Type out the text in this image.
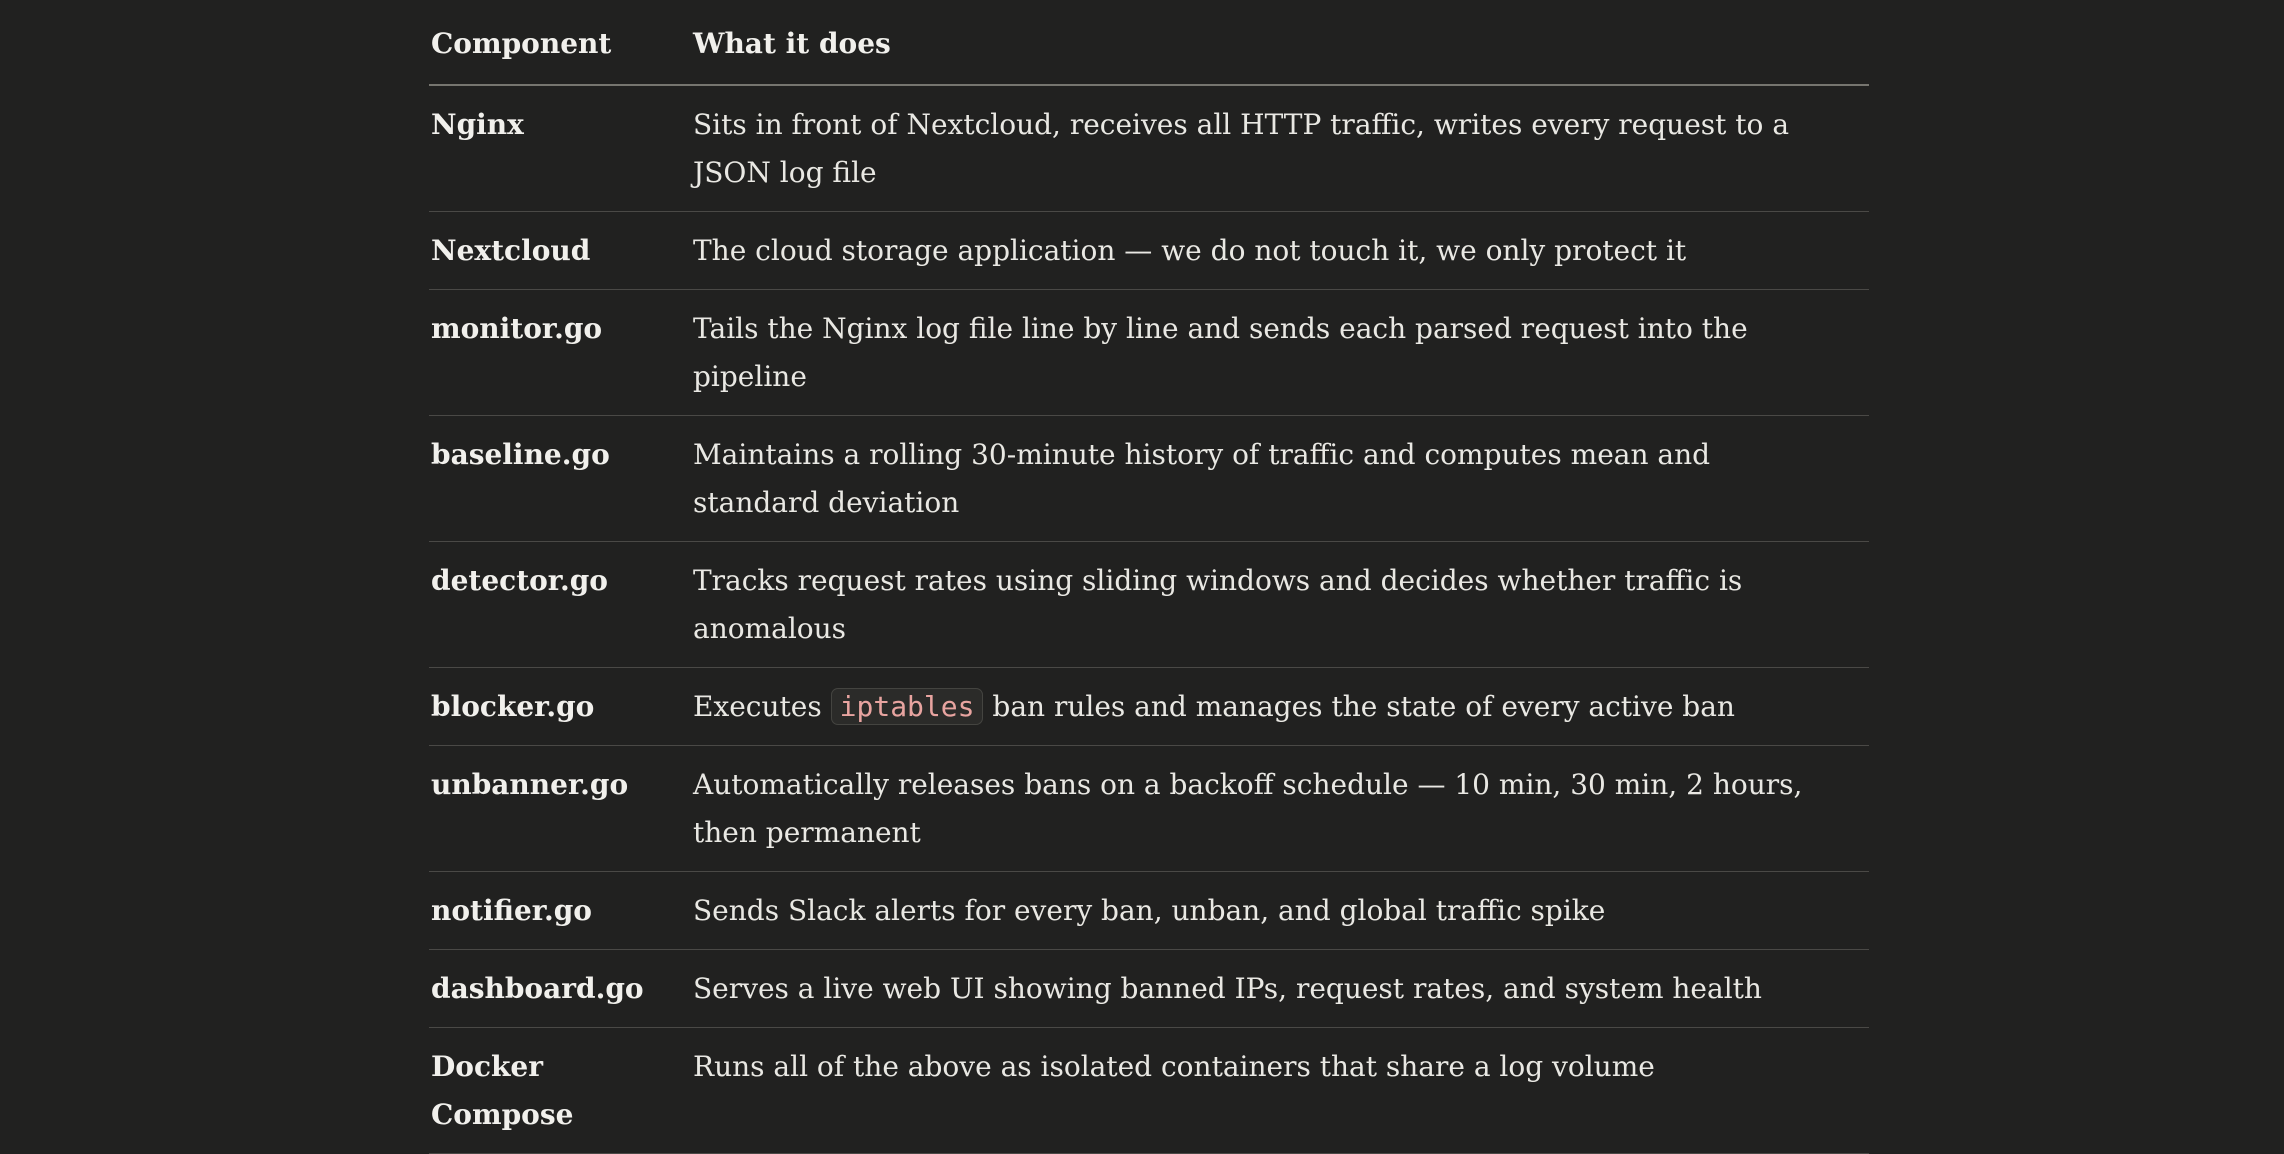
Component	What it does
Nginx	Sits in front of Nextcloud, receives all HTTP traffic, writes every request to a JSON log file
Nextcloud	The cloud storage application — we do not touch it, we only protect it
monitor.go	Tails the Nginx log file line by line and sends each parsed request into the pipeline
baseline.go	Maintains a rolling 30-minute history of traffic and computes mean and standard deviation
detector.go	Tracks request rates using sliding windows and decides whether traffic is anomalous
blocker.go	Executes iptables ban rules and manages the state of every active ban
unbanner.go	Automatically releases bans on a backoff schedule — 10 min, 30 min, 2 hours, then permanent
notifier.go	Sends Slack alerts for every ban, unban, and global traffic spike
dashboard.go	Serves a live web UI showing banned IPs, request rates, and system health
Docker Compose	Runs all of the above as isolated containers that share a log volume
